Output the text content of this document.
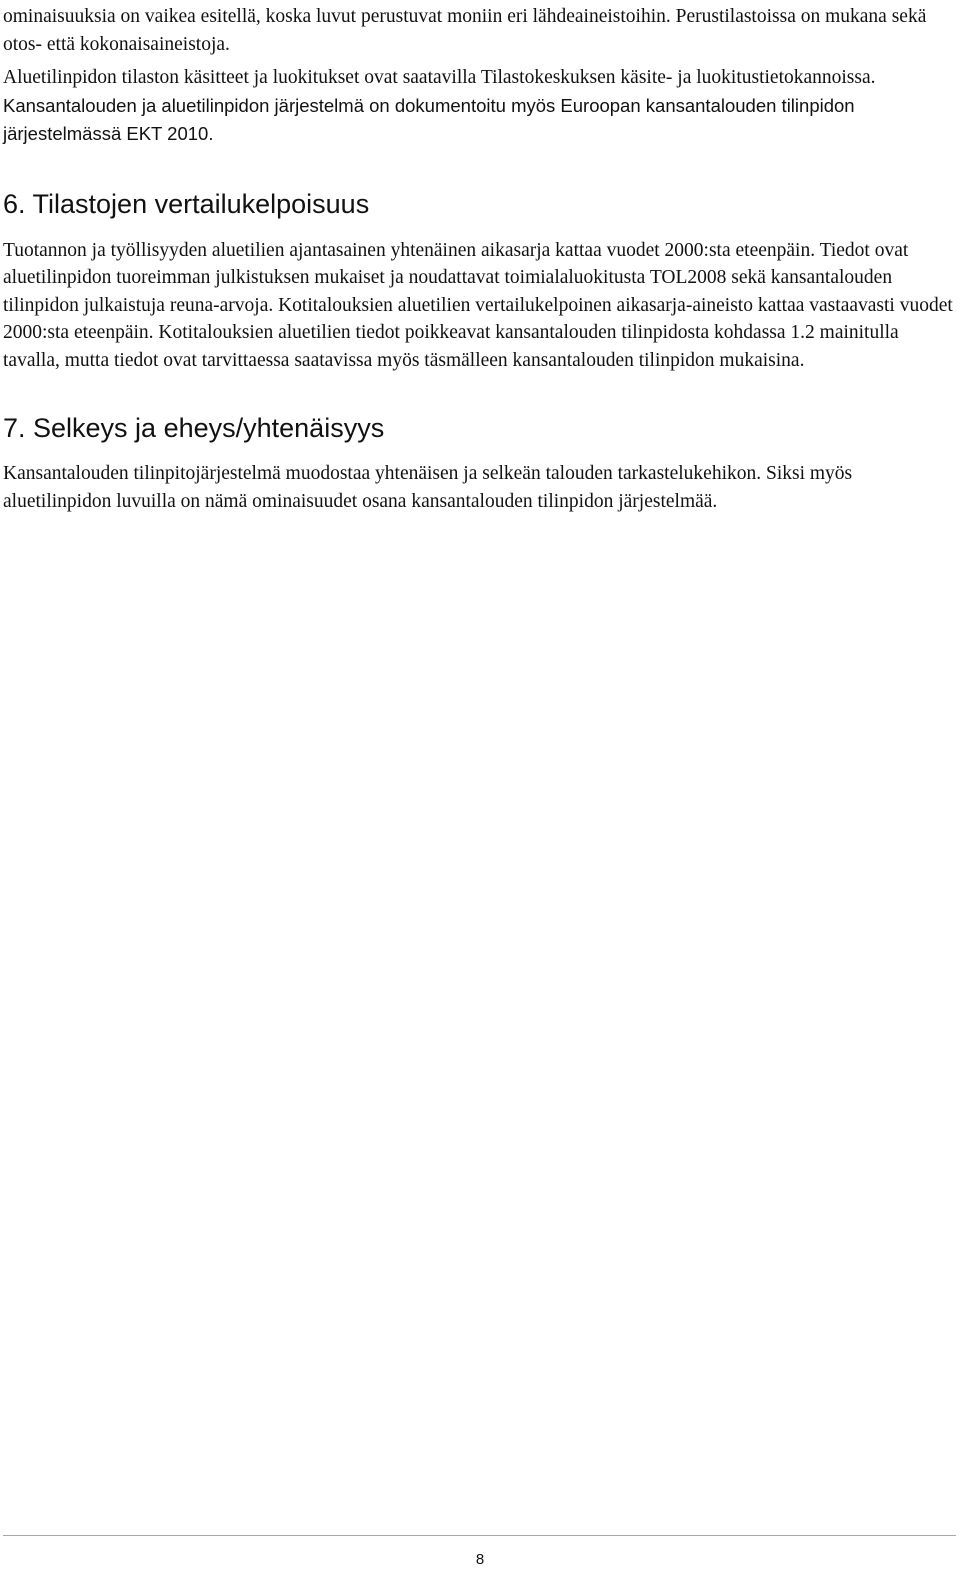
ominaisuuksia on vaikea esitellä, koska luvut perustuvat moniin eri lähdeaineistoihin. Perustilastoissa on mukana sekä otos- että kokonaisaineistoja.

Aluetilinpidon tilaston käsitteet ja luokitukset ovat saatavilla Tilastokeskuksen käsite- ja luokitustietokannoissa. Kansantalouden ja aluetilinpidon järjestelmä on dokumentoitu myös Euroopan kansantalouden tilinpidon järjestelmässä EKT 2010.

6. Tilastojen vertailukelpoisuus

Tuotannon ja työllisyyden aluetilien ajantasainen yhtenäinen aikasarja kattaa vuodet 2000:sta eteenpäin. Tiedot ovat aluetilinpidon tuoreimman julkistuksen mukaiset ja noudattavat toimialaluokitusta TOL2008 sekä kansantalouden tilinpidon julkaistuja reuna-arvoja. Kotitalouksien aluetilien vertailukelpoinen aikasarja-aineisto kattaa vastaavasti vuodet 2000:sta eteenpäin. Kotitalouksien aluetilien tiedot poikkeavat kansantalouden tilinpidosta kohdassa 1.2 mainitulla tavalla, mutta tiedot ovat tarvittaessa saatavissa myös täsmälleen kansantalouden tilinpidon mukaisina.

7. Selkeys ja eheys/yhtenäisyys

Kansantalouden tilinpitojärjestelmä muodostaa yhtenäisen ja selkeän talouden tarkastelukehikon. Siksi myös aluetilinpidon luvuilla on nämä ominaisuudet osana kansantalouden tilinpidon järjestelmää.

8
